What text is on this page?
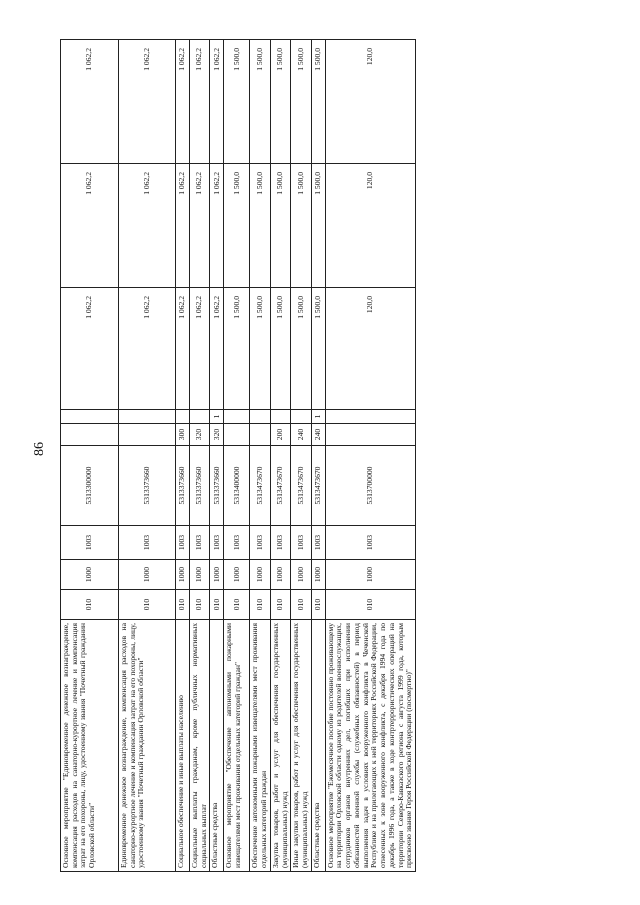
86
Основное мероприятие "Единовременное денежное вознаграждение, компенсация расходов на санаторно-курортное лечение и компенсация затрат на его похороны, лицу, удостоенному звания "Почетный гражданин Орловской области"	010	1000	1003	5313300000			1 062,2	1 062,2	1 062,2
Единовременное денежное вознаграждение, компенсация расходов на санаторно-курортное лечение и компенсация затрат на его похороны, лицу, удостоенному звания "Почетный гражданин Орловской области"	010	1000	1003	5313373660			1 062,2	1 062,2	1 062,2
Социальное обеспечение и иные выплаты населению	010	1000	1003	5313373660	300		1 062,2	1 062,2	1 062,2
Социальные выплаты гражданам, кроме публичных нормативных социальных выплат	010	1000	1003	5313373660	320		1 062,2	1 062,2	1 062,2
Областные средства	010	1000	1003	5313373660	320	1	1 062,2	1 062,2	1 062,2
Основное мероприятие "Обеспечение автономными пожарными извещателями мест проживания отдельных категорий граждан"	010	1000	1003	5313400000			1 500,0	1 500,0	1 500,0
Обеспечение автономными пожарными извещателями мест проживания отдельных категорий граждан	010	1000	1003	5313473670			1 500,0	1 500,0	1 500,0
Закупка товаров, работ и услуг для обеспечения государственных (муниципальных) нужд	010	1000	1003	5313473670	200		1 500,0	1 500,0	1 500,0
Иные закупки товаров, работ и услуг для обеспечения государственных (муниципальных) нужд	010	1000	1003	5313473670	240		1 500,0	1 500,0	1 500,0
Областные средства	010	1000	1003	5313473670	240	1	1 500,0	1 500,0	1 500,0
Основное мероприятие "Ежемесячное пособие постоянно проживающему на территории Орловской области одному из родителей военнослужащих, сотрудников органов внутренних дел, погибших при исполнении обязанностей военной службы (служебных обязанностей) в период выполнения задач в условиях вооруженного конфликта в Чеченской Республике и на прилегающих к ней территориях Российской Федерации, отнесенных к зоне вооруженного конфликта, с декабря 1994 года по декабрь 1996 года, а также в ходе контртеррористических операций на территории Северо-Кавказского региона с августа 1999 года, которым присвоено звание Героя Российской Федерации (посмертно)"	010	1000	1003	5313700000			120,0	120,0	120,0
